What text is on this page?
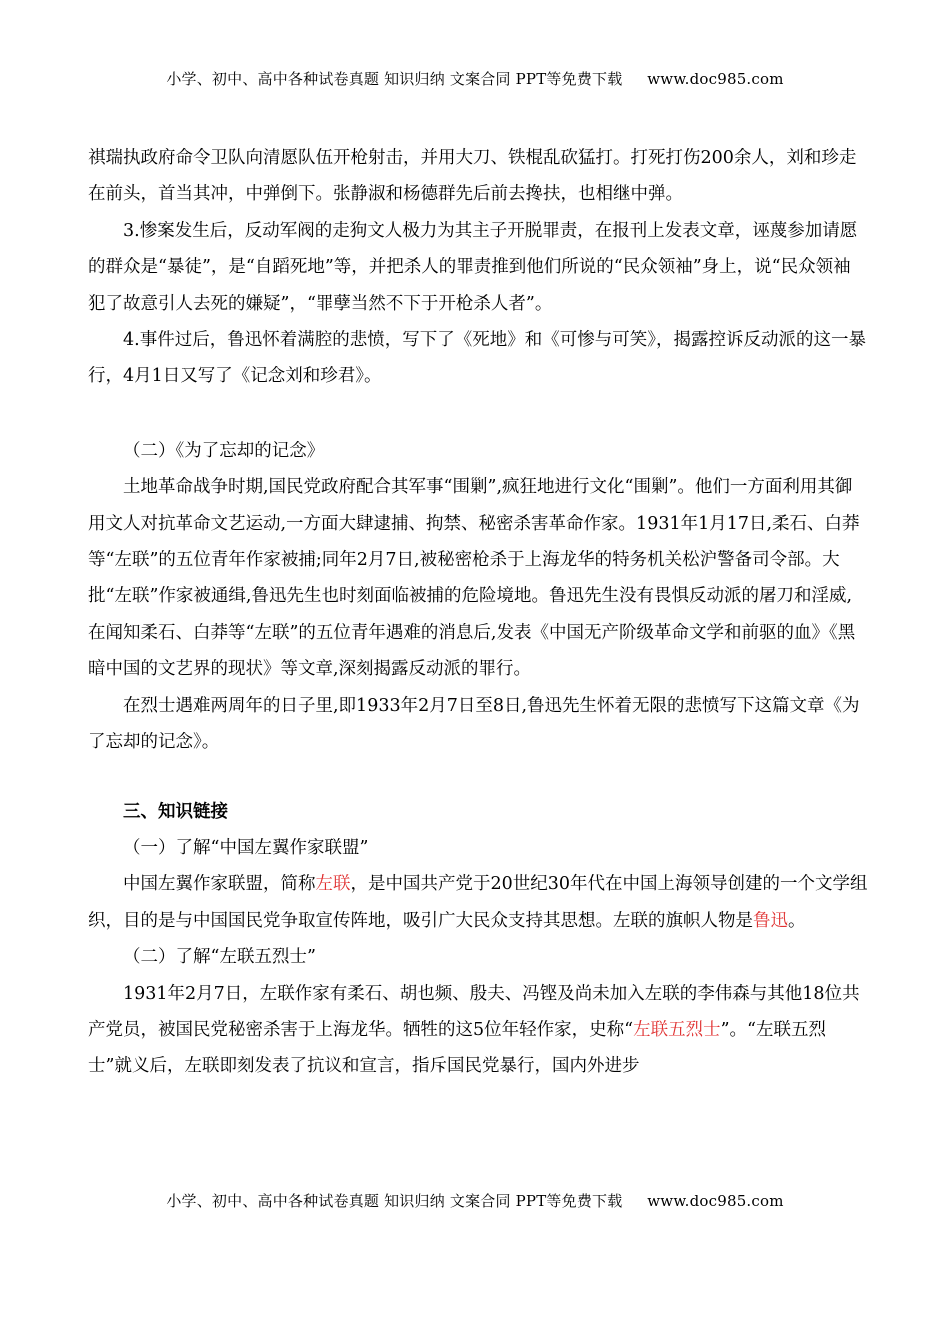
小学、初中、高中各种试卷真题 知识归纳 文案合同 PPT等免费下载     www.doc985.com

祺瑞执政府命令卫队向清愿队伍开枪射击，并用大刀、铁棍乱砍猛打。打死打伤200余人，刘和珍走在前头，首当其冲，中弹倒下。张静淑和杨德群先后前去搀扶，也相继中弹。

3.惨案发生后，反动军阀的走狗文人极力为其主子开脱罪责，在报刊上发表文章，诬蔑参加请愿的群众是“暴徒”，是“自蹈死地”等，并把杀人的罪责推到他们所说的“民众领袖”身上，说“民众领袖犯了故意引人去死的嫌疑”，“罪孽当然不下于开枪杀人者”。

4.事件过后，鲁迅怀着满腔的悲愤，写下了《死地》和《可惨与可笑》，揭露控诉反动派的这一暴行，4月1日又写了《记念刘和珍君》。

（二）《为了忘却的记念》

土地革命战争时期,国民党政府配合其军事“围剿”,疯狂地进行文化“围剿”。他们一方面利用其御用文人对抗革命文艺运动,一方面大肆逮捕、拘禁、秘密杀害革命作家。1931年1月17日,柔石、白莽等“左联”的五位青年作家被捕;同年2月7日,被秘密枪杀于上海龙华的特务机关松沪警备司令部。大批“左联”作家被通缉,鲁迅先生也时刻面临被捕的危险境地。鲁迅先生没有畏惧反动派的屠刀和淫威,在闻知柔石、白莽等“左联”的五位青年遇难的消息后,发表《中国无产阶级革命文学和前驱的血》《黑暗中国的文艺界的现状》等文章,深刻揭露反动派的罪行。

在烈士遇难两周年的日子里,即1933年2月7日至8日,鲁迅先生怀着无限的悲愤写下这篇文章《为了忘却的记念》。

三、知识链接

（一）了解“中国左翼作家联盟”

中国左翼作家联盟，简称左联，是中国共产党于20世纪30年代在中国上海领导创建的一个文学组织，目的是与中国国民党争取宣传阵地，吸引广大民众支持其思想。左联的旗帜人物是鲁迅。

（二）了解“左联五烈士”

1931年2月7日，左联作家有柔石、胡也频、殷夫、冯铿及尚未加入左联的李伟森与其他18位共产党员，被国民党秘密杀害于上海龙华。牺牲的这5位年轻作家，史称“左联五烈士”。“左联五烈士”就义后，左联即刻发表了抗议和宣言，指斥国民党暴行，国内外进步

小学、初中、高中各种试卷真题 知识归纳 文案合同 PPT等免费下载     www.doc985.com
